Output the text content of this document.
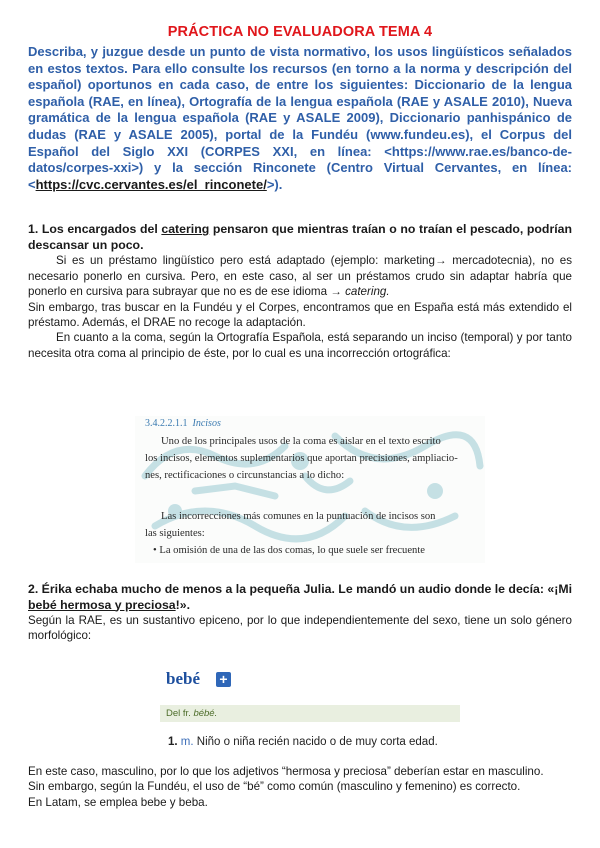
PRÁCTICA NO EVALUADORA TEMA 4

Describa, y juzgue desde un punto de vista normativo, los usos lingüísticos señalados en estos textos. Para ello consulte los recursos (en torno a la norma y descripción del español) oportunos en cada caso, de entre los siguientes: Diccionario de la lengua española (RAE, en línea), Ortografía de la lengua española (RAE y ASALE 2010), Nueva gramática de la lengua española (RAE y ASALE 2009), Diccionario panhispánico de dudas (RAE y ASALE 2005), portal de la Fundéu (www.fundeu.es), el Corpus del Español del Siglo XXI (CORPES XXI, en línea: <https://www.rae.es/banco-de-datos/corpes-xxi>) y la sección Rinconete (Centro Virtual Cervantes, en línea: <https://cvc.cervantes.es/el_rinconete/>).

1. Los encargados del catering pensaron que mientras traían o no traían el pescado, podrían descansar un poco.

Si es un préstamo lingüístico pero está adaptado (ejemplo: marketing→ mercadotecnia), no es necesario ponerlo en cursiva. Pero, en este caso, al ser un préstamos crudo sin adaptar habría que ponerlo en cursiva para subrayar que no es de ese idioma → catering.

Sin embargo, tras buscar en la Fundéu y el Corpes, encontramos que en España está más extendido el préstamo. Además, el DRAE no recoge la adaptación.

En cuanto a la coma, según la Ortografía Española, está separando un inciso (temporal) y por tanto necesita otra coma al principio de éste, por lo cual es una incorrección ortográfica:

3.4.2.2.1.1 Incisos
Uno de los principales usos de la coma es aislar en el texto escrito
los incisos, elementos suplementarios que aportan precisiones, ampliacio-
nes, rectificaciones o circunstancias a lo dicho:
Las incorrecciones más comunes en la puntuación de incisos son
las siguientes:
• La omisión de una de las dos comas, lo que suele ser frecuente

2. Érika echaba mucho de menos a la pequeña Julia. Le mandó un audio donde le decía: «¡Mi bebé hermosa y preciosa!».

Según la RAE, es un sustantivo epiceno, por lo que independientemente del sexo, tiene un solo género morfológico:

bebé +
Del fr. bébé.
1. m. Niño o niña recién nacido o de muy corta edad.

En este caso, masculino, por lo que los adjetivos “hermosa y preciosa” deberían estar en masculino.

Sin embargo, según la Fundéu, el uso de “bé” como común (masculino y femenino) es correcto.

En Latam, se emplea bebe y beba.
